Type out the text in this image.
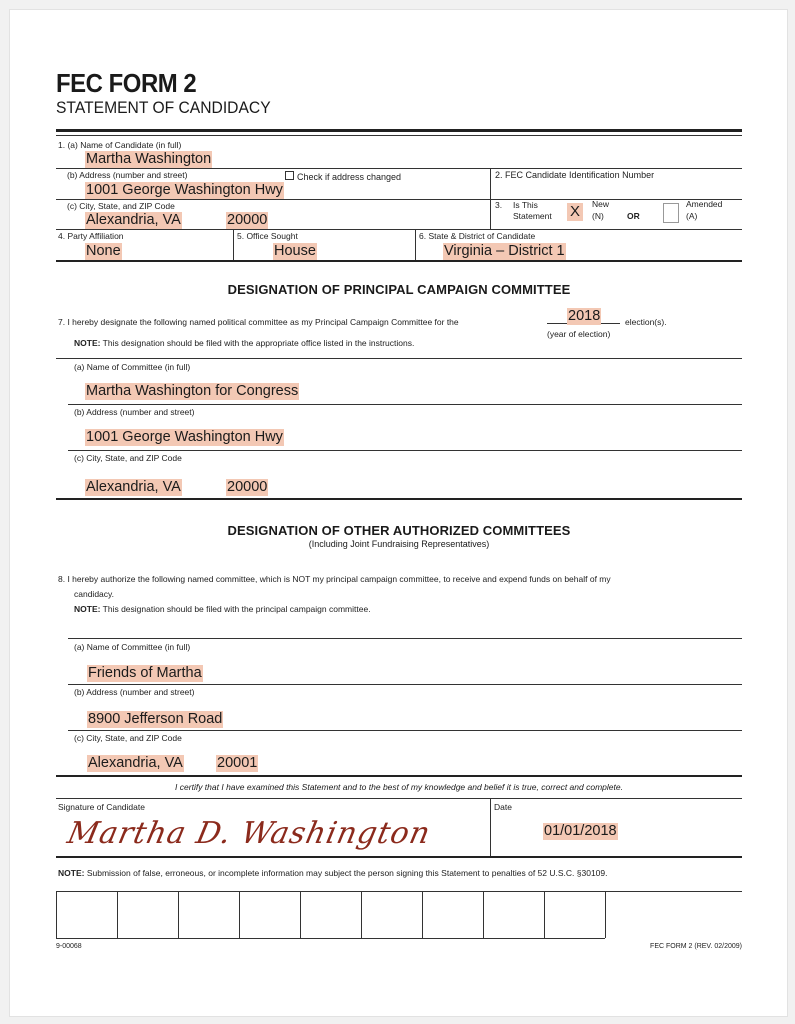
FEC FORM 2
STATEMENT OF CANDIDACY
1. (a) Name of Candidate (in full)
Martha Washington
(b) Address (number and street)	Check if address changed
1001 George Washington Hwy
2. FEC Candidate Identification Number
(c) City, State, and ZIP Code
Alexandria, VA	20000
3. Is This
Statement X	New
(N)	OR
Amended
(A)
4. Party Affiliation
None
5. Office Sought
House
6. State & District of Candidate
Virginia – District 1
DESIGNATION OF PRINCIPAL CAMPAIGN COMMITTEE
7. I hereby designate the following named political committee as my Principal Campaign Committee for the	2018	election(s).
(year of election)
NOTE: This designation should be filed with the appropriate office listed in the instructions.
(a) Name of Committee (in full)
Martha Washington for Congress
(b) Address (number and street)
1001 George Washington Hwy
(c) City, State, and ZIP Code
Alexandria, VA	20000
DESIGNATION OF OTHER AUTHORIZED COMMITTEES
(Including Joint Fundraising Representatives)
8. I hereby authorize the following named committee, which is NOT my principal campaign committee, to receive and expend funds on behalf of my
candidacy.
NOTE: This designation should be filed with the principal campaign committee.
(a) Name of Committee (in full)
Friends of Martha
(b) Address (number and street)
8900 Jefferson Road
(c) City, State, and ZIP Code
Alexandria, VA 20001
I certify that I have examined this Statement and to the best of my knowledge and belief it is true, correct and complete.
Signature of Candidate	Date
Martha D. Washington	01/01/2018
NOTE: Submission of false, erroneous, or incomplete information may subject the person signing this Statement to penalties of 52 U.S.C. §30109.
9-00068	FEC FORM 2 (REV. 02/2009)
